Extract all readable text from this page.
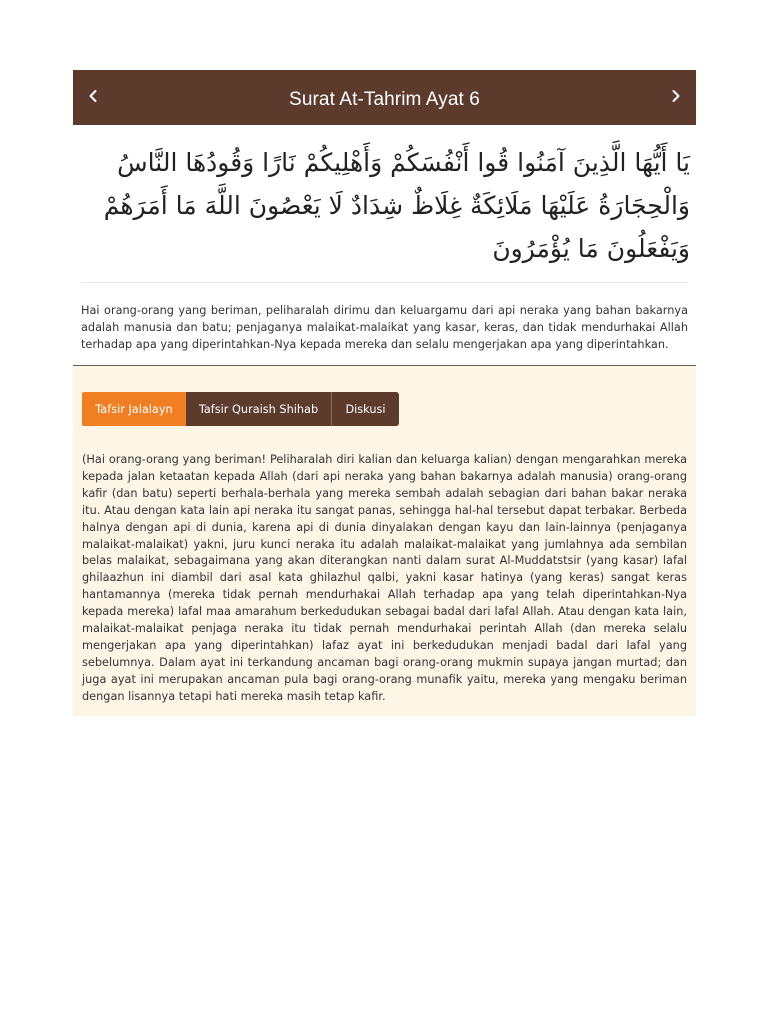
Surat At-Tahrim Ayat 6
يَا أَيُّهَا الَّذِينَ آمَنُوا قُوا أَنْفُسَكُمْ وَأَهْلِيكُمْ نَارًا وَقُودُهَا النَّاسُ وَالْحِجَارَةُ عَلَيْهَا مَلَائِكَةٌ غِلَاظٌ شِدَادٌ لَا يَعْصُونَ اللَّهَ مَا أَمَرَهُمْ وَيَفْعَلُونَ مَا يُؤْمَرُونَ
Hai orang-orang yang beriman, peliharalah dirimu dan keluargamu dari api neraka yang bahan bakarnya adalah manusia dan batu; penjaganya malaikat-malaikat yang kasar, keras, dan tidak mendurhakai Allah terhadap apa yang diperintahkan-Nya kepada mereka dan selalu mengerjakan apa yang diperintahkan.
Tafsir Jalalayn	Tafsir Quraish Shihab	Diskusi
(Hai orang-orang yang beriman! Peliharalah diri kalian dan keluarga kalian) dengan mengarahkan mereka kepada jalan ketaatan kepada Allah (dari api neraka yang bahan bakarnya adalah manusia) orang-orang kafir (dan batu) seperti berhala-berhala yang mereka sembah adalah sebagian dari bahan bakar neraka itu. Atau dengan kata lain api neraka itu sangat panas, sehingga hal-hal tersebut dapat terbakar. Berbeda halnya dengan api di dunia, karena api di dunia dinyalakan dengan kayu dan lain-lainnya (penjaganya malaikat-malaikat) yakni, juru kunci neraka itu adalah malaikat-malaikat yang jumlahnya ada sembilan belas malaikat, sebagaimana yang akan diterangkan nanti dalam surat Al-Muddatstsir (yang kasar) lafal ghilaazhun ini diambil dari asal kata ghilazhul qalbi, yakni kasar hatinya (yang keras) sangat keras hantamannya (mereka tidak pernah mendurhakai Allah terhadap apa yang telah diperintahkan-Nya kepada mereka) lafal maa amarahum berkedudukan sebagai badal dari lafal Allah. Atau dengan kata lain, malaikat-malaikat penjaga neraka itu tidak pernah mendurhakai perintah Allah (dan mereka selalu mengerjakan apa yang diperintahkan) lafaz ayat ini berkedudukan menjadi badal dari lafal yang sebelumnya. Dalam ayat ini terkandung ancaman bagi orang-orang mukmin supaya jangan murtad; dan juga ayat ini merupakan ancaman pula bagi orang-orang munafik yaitu, mereka yang mengaku beriman dengan lisannya tetapi hati mereka masih tetap kafir.
